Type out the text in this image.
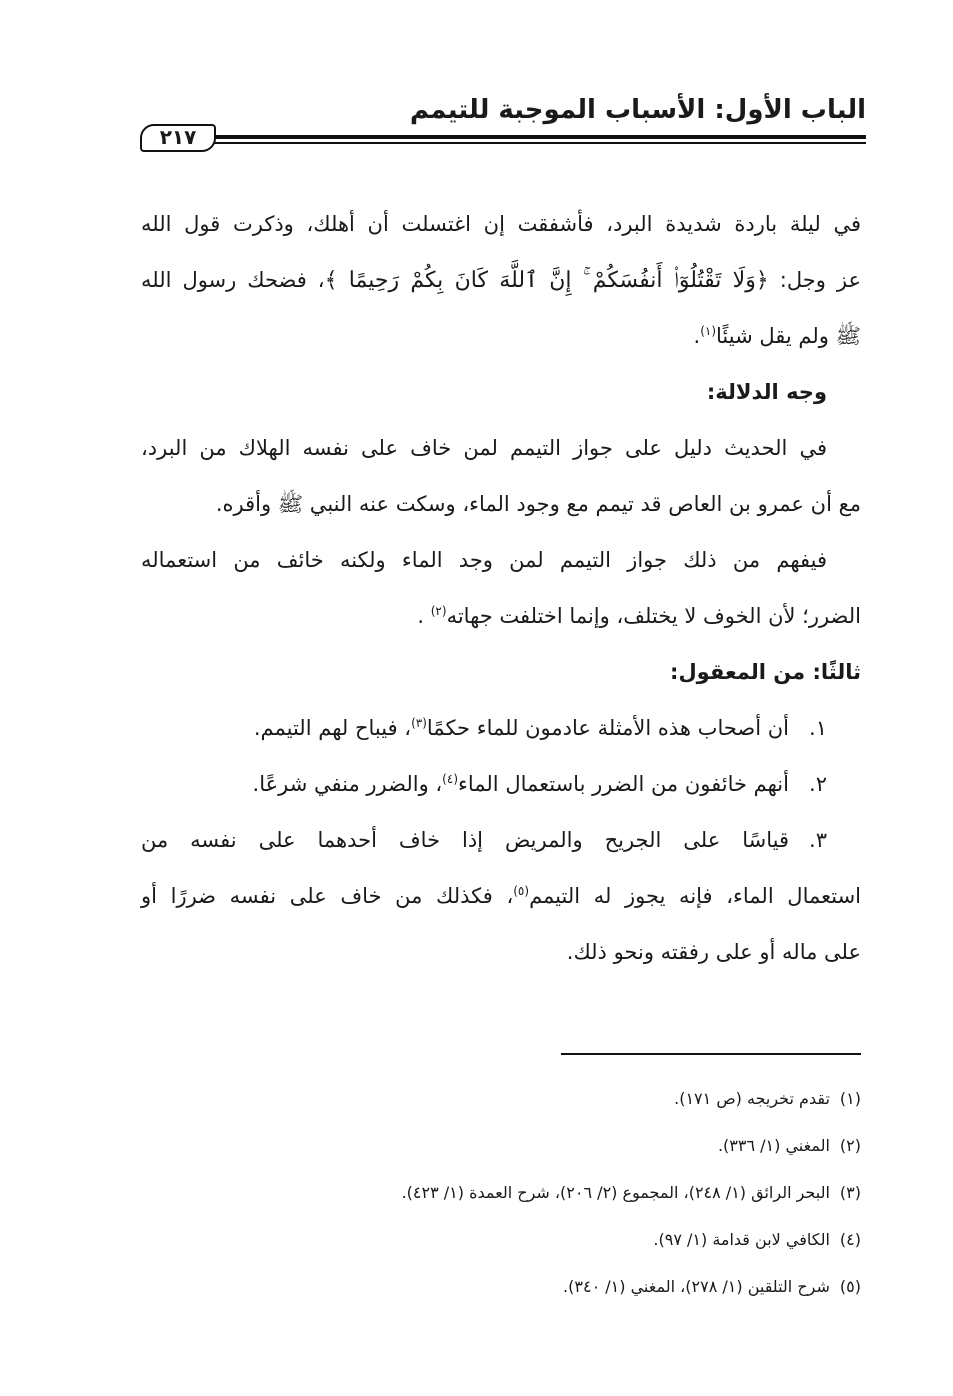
الباب الأول: الأسباب الموجبة للتيمم
٢١٧
في ليلة باردة شديدة البرد، فأشفقت إن اغتسلت أن أهلك، وذكرت قول الله
عز وجل: ﴿وَلَا تَقْتُلُوٓا۟ أَنفُسَكُمْ ۚ إِنَّ ٱللَّهَ كَانَ بِكُمْ رَحِيمًا ﴾، فضحك رسول الله
ﷺ ولم يقل شيئًا$^{(١)}$.
وجه الدلالة:
في الحديث دليل على جواز التيمم لمن خاف على نفسه الهلاك من البرد،
مع أن عمرو بن العاص قد تيمم مع وجود الماء، وسكت عنه النبي ﷺ وأقره.
فيفهم من ذلك جواز التيمم لمن وجد الماء ولكنه خائف من استعماله
الضرر؛ لأن الخوف لا يختلف، وإنما اختلفت جهاته$^{(٢)}$ .
ثالثًا: من المعقول:
١.أن أصحاب هذه الأمثلة عادمون للماء حكمًا$^{(٣)}$، فيباح لهم التيمم.
٢.أنهم خائفون من الضرر باستعمال الماء$^{(٤)}$، والضرر منفي شرعًا.
٣.قياسًا على الجريح والمريض إذا خاف أحدهما على نفسه من
استعمال الماء، فإنه يجوز له التيمم$^{(٥)}$، فكذلك من خاف على نفسه ضررًا أو
على ماله أو على رفقته ونحو ذلك.
(١)تقدم تخريجه (ص ١٧١).
(٢)المغني (١/ ٣٣٦).
(٣)البحر الرائق (١/ ٢٤٨)، المجموع (٢/ ٢٠٦)، شرح العمدة (١/ ٤٢٣).
(٤)الكافي لابن قدامة (١/ ٩٧).
(٥)شرح التلقين (١/ ٢٧٨)، المغني (١/ ٣٤٠).
